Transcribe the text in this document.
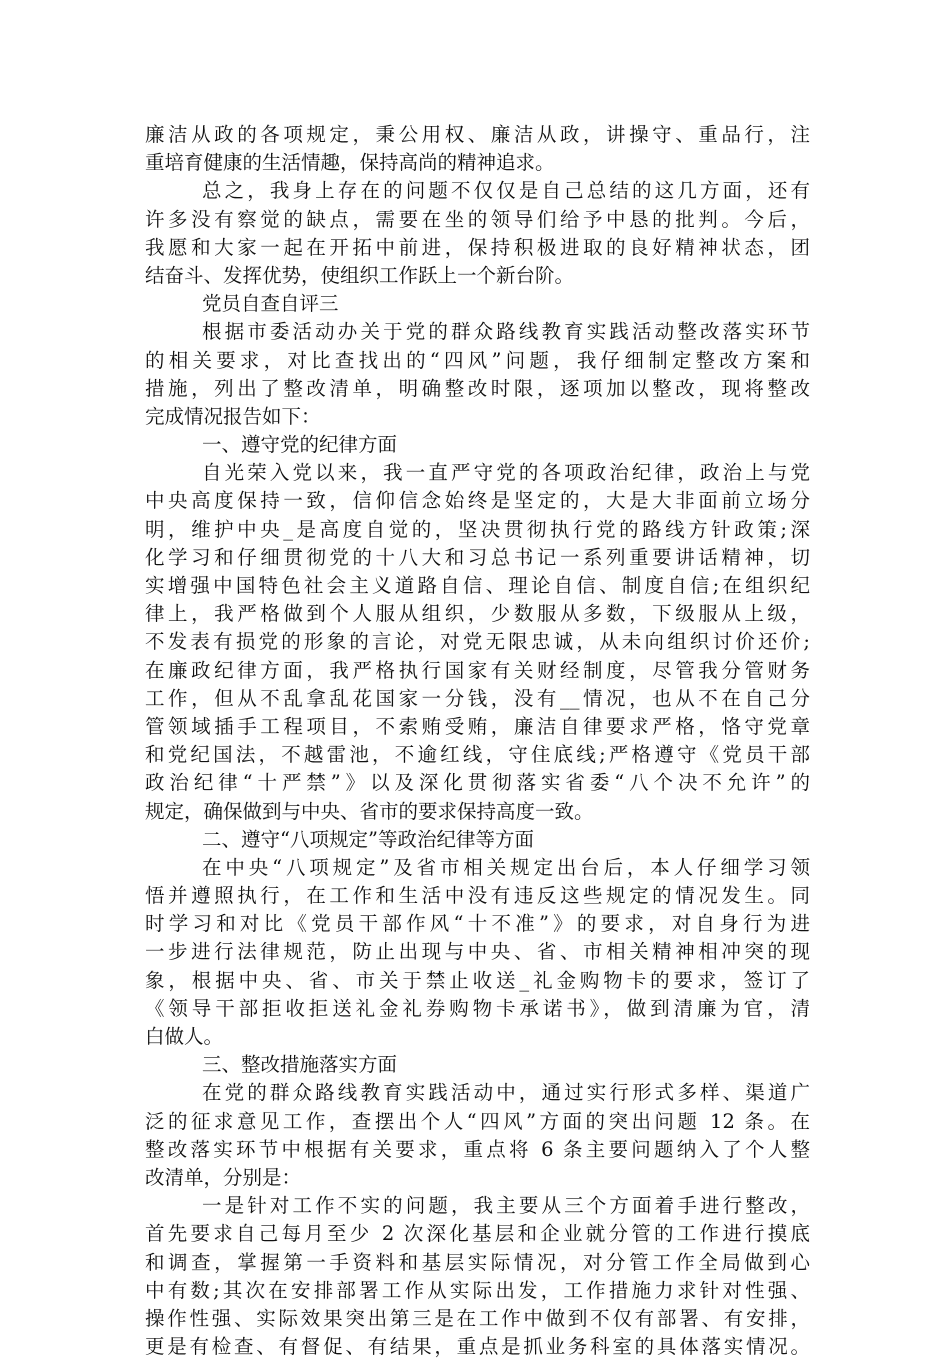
廉洁从政的各项规定，秉公用权、廉洁从政，讲操守、重品行，注
重培育健康的生活情趣，保持高尚的精神追求。
总之，我身上存在的问题不仅仅是自己总结的这几方面，还有
许多没有察觉的缺点，需要在坐的领导们给予中恳的批判。今后，
我愿和大家一起在开拓中前进，保持积极进取的良好精神状态，团
结奋斗、发挥优势，使组织工作跃上一个新台阶。
党员自查自评三
根据市委活动办关于党的群众路线教育实践活动整改落实环节
的相关要求，对比查找出的“四风”问题，我仔细制定整改方案和
措施，列出了整改清单，明确整改时限，逐项加以整改，现将整改
完成情况报告如下：
一、遵守党的纪律方面
自光荣入党以来，我一直严守党的各项政治纪律，政治上与党
中央高度保持一致，信仰信念始终是坚定的，大是大非面前立场分
明，维护中央_是高度自觉的，坚决贯彻执行党的路线方针政策;深
化学习和仔细贯彻党的十八大和习总书记一系列重要讲话精神，切
实增强中国特色社会主义道路自信、理论自信、制度自信;在组织纪
律上，我严格做到个人服从组织，少数服从多数，下级服从上级，
不发表有损党的形象的言论，对党无限忠诚，从未向组织讨价还价;
在廉政纪律方面，我严格执行国家有关财经制度，尽管我分管财务
工作，但从不乱拿乱花国家一分钱，没有__情况，也从不在自己分
管领域插手工程项目，不索贿受贿，廉洁自律要求严格，恪守党章
和党纪国法，不越雷池，不逾红线，守住底线;严格遵守《党员干部
政治纪律“十严禁”》以及深化贯彻落实省委“八个决不允许”的
规定，确保做到与中央、省市的要求保持高度一致。
二、遵守“八项规定”等政治纪律等方面
在中央“八项规定”及省市相关规定出台后，本人仔细学习领
悟并遵照执行，在工作和生活中没有违反这些规定的情况发生。同
时学习和对比《党员干部作风“十不准”》的要求，对自身行为进
一步进行法律规范，防止出现与中央、省、市相关精神相冲突的现
象，根据中央、省、市关于禁止收送_礼金购物卡的要求，签订了
《领导干部拒收拒送礼金礼券购物卡承诺书》，做到清廉为官，清
白做人。
三、整改措施落实方面
在党的群众路线教育实践活动中，通过实行形式多样、渠道广
泛的征求意见工作，查摆出个人“四风”方面的突出问题 12 条。在
整改落实环节中根据有关要求，重点将 6 条主要问题纳入了个人整
改清单，分别是：
一是针对工作不实的问题，我主要从三个方面着手进行整改，
首先要求自己每月至少 2 次深化基层和企业就分管的工作进行摸底
和调查，掌握第一手资料和基层实际情况，对分管工作全局做到心
中有数;其次在安排部署工作从实际出发，工作措施力求针对性强、
操作性强、实际效果突出第三是在工作中做到不仅有部署、有安排，
更是有检查、有督促、有结果，重点是抓业务科室的具体落实情况。
